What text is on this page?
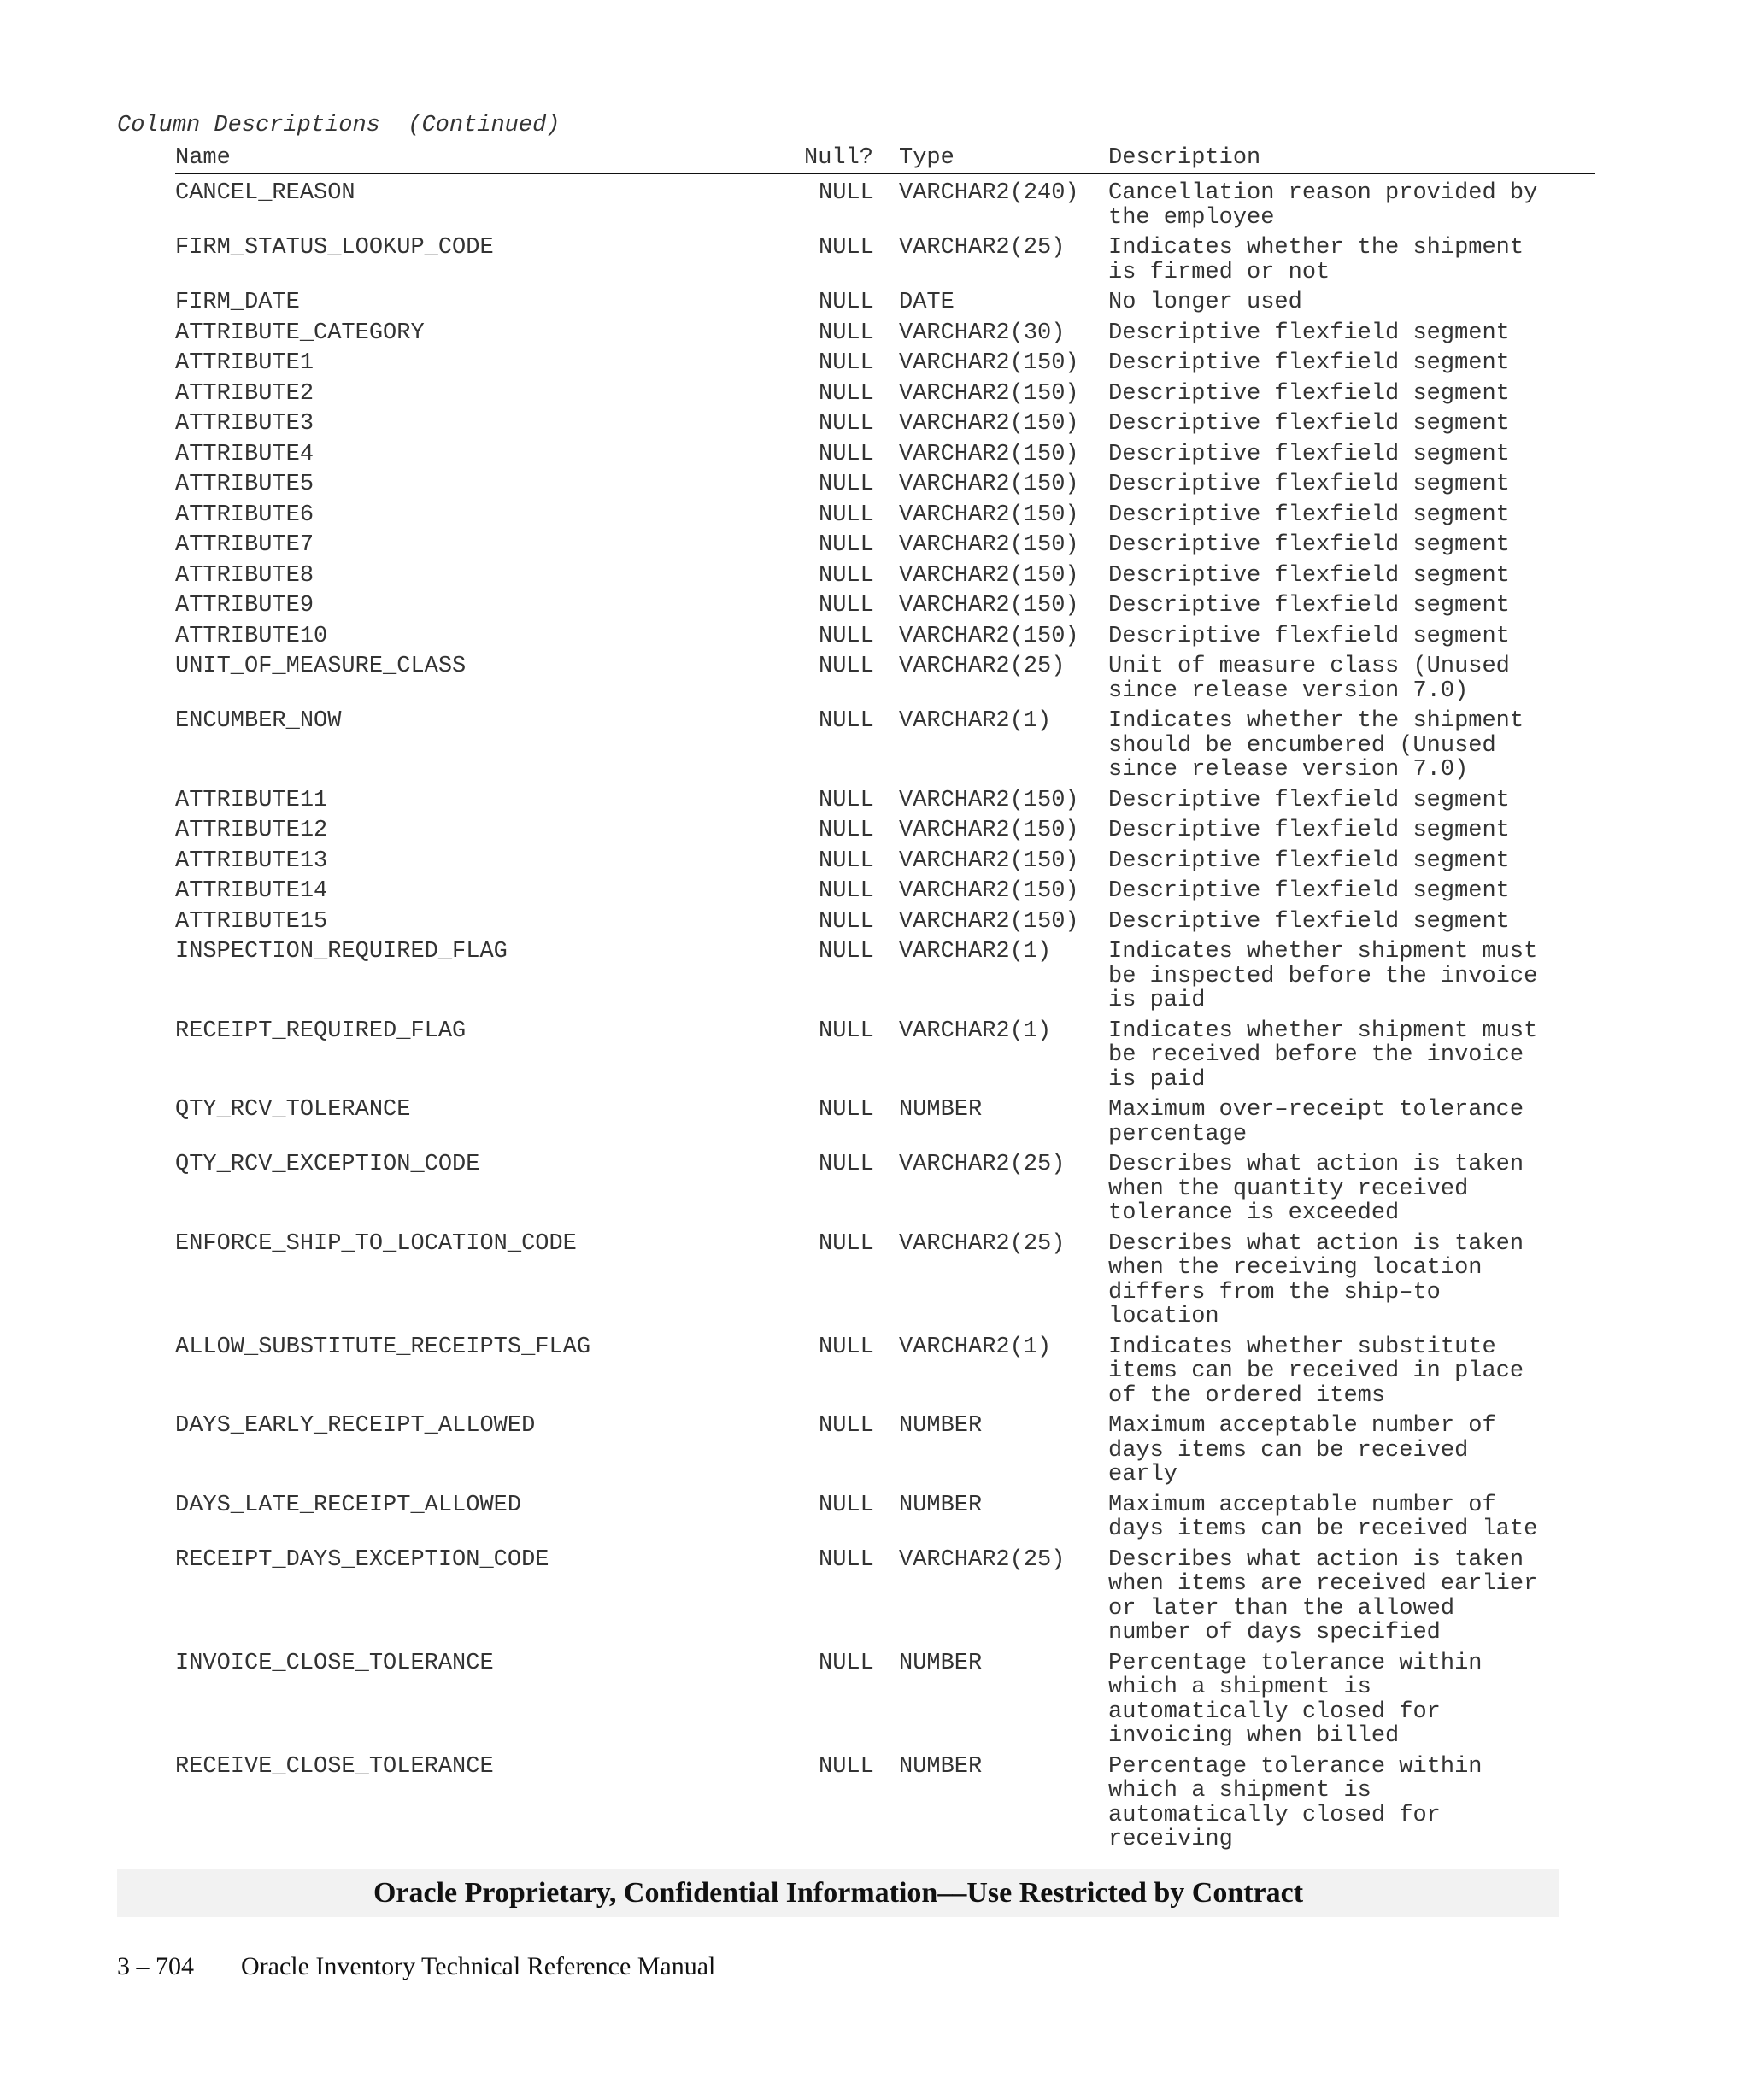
Column Descriptions  (Continued)
Name	Null? Type	Description
CANCEL_REASON	NULL VARCHAR2(240) Cancellation reason provided by
the employee
FIRM_STATUS_LOOKUP_CODE	NULL VARCHAR2(25) Indicates whether the shipment
is firmed or not
FIRM_DATE	NULL DATE	No longer used
ATTRIBUTE_CATEGORY	NULL VARCHAR2(30) Descriptive flexfield segment
ATTRIBUTE1	NULL VARCHAR2(150) Descriptive flexfield segment
ATTRIBUTE2	NULL VARCHAR2(150) Descriptive flexfield segment
ATTRIBUTE3	NULL VARCHAR2(150) Descriptive flexfield segment
ATTRIBUTE4	NULL VARCHAR2(150) Descriptive flexfield segment
ATTRIBUTE5	NULL VARCHAR2(150) Descriptive flexfield segment
ATTRIBUTE6	NULL VARCHAR2(150) Descriptive flexfield segment
ATTRIBUTE7	NULL VARCHAR2(150) Descriptive flexfield segment
ATTRIBUTE8	NULL VARCHAR2(150) Descriptive flexfield segment
ATTRIBUTE9	NULL VARCHAR2(150) Descriptive flexfield segment
ATTRIBUTE10	NULL VARCHAR2(150) Descriptive flexfield segment
UNIT_OF_MEASURE_CLASS	NULL VARCHAR2(25) Unit of measure class (Unused
since release version 7.0)
ENCUMBER_NOW	NULL VARCHAR2(1) Indicates whether the shipment
should be encumbered (Unused
since release version 7.0)
ATTRIBUTE11	NULL VARCHAR2(150) Descriptive flexfield segment
ATTRIBUTE12	NULL VARCHAR2(150) Descriptive flexfield segment
ATTRIBUTE13	NULL VARCHAR2(150) Descriptive flexfield segment
ATTRIBUTE14	NULL VARCHAR2(150) Descriptive flexfield segment
ATTRIBUTE15	NULL VARCHAR2(150) Descriptive flexfield segment
INSPECTION_REQUIRED_FLAG	NULL VARCHAR2(1) Indicates whether shipment must
be inspected before the invoice
is paid
RECEIPT_REQUIRED_FLAG	NULL VARCHAR2(1) Indicates whether shipment must
be received before the invoice
is paid
QTY_RCV_TOLERANCE	NULL NUMBER	Maximum over–receipt tolerance
percentage
QTY_RCV_EXCEPTION_CODE	NULL VARCHAR2(25) Describes what action is taken
when the quantity received
tolerance is exceeded
ENFORCE_SHIP_TO_LOCATION_CODE	NULL VARCHAR2(25) Describes what action is taken
when the receiving location
differs from the ship–to
location
ALLOW_SUBSTITUTE_RECEIPTS_FLAG	NULL VARCHAR2(1) Indicates whether substitute
items can be received in place
of the ordered items
DAYS_EARLY_RECEIPT_ALLOWED	NULL NUMBER	Maximum acceptable number of
days items can be received
early
DAYS_LATE_RECEIPT_ALLOWED	NULL NUMBER	Maximum acceptable number of
days items can be received late
RECEIPT_DAYS_EXCEPTION_CODE	NULL VARCHAR2(25) Describes what action is taken
when items are received earlier
or later than the allowed
number of days specified
INVOICE_CLOSE_TOLERANCE	NULL NUMBER	Percentage tolerance within
which a shipment is
automatically closed for
invoicing when billed
RECEIVE_CLOSE_TOLERANCE	NULL NUMBER	Percentage tolerance within
which a shipment is
automatically closed for
receiving
Oracle Proprietary, Confidential Information––Use Restricted by Contract
3 – 704 Oracle Inventory Technical Reference Manual
